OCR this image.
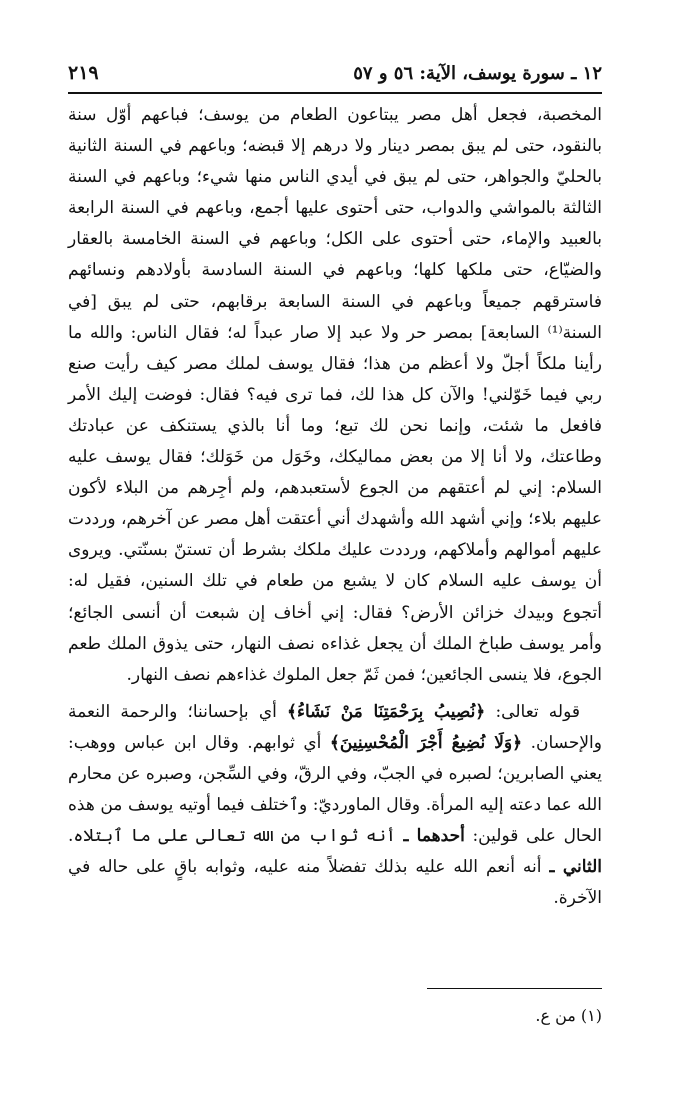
١٢ ـ سورة يوسف، الآية: ٥٦ و ٥٧
٢١٩

المخصبة، فجعل أهل مصر يبتاعون الطعام من يوسف؛ فباعهم أوّل سنة بالنقود، حتى لم يبق بمصر دينار ولا درهم إلا قبضه؛ وباعهم في السنة الثانية بالحليّ والجواهر، حتى لم يبق في أيدي الناس منها شيء؛ وباعهم في السنة الثالثة بالمواشي والدواب، حتى أحتوى عليها أجمع، وباعهم في السنة الرابعة بالعبيد والإماء، حتى أحتوى على الكل؛ وباعهم في السنة الخامسة بالعقار والضيّاع، حتى ملكها كلها؛ وباعهم في السنة السادسة بأولادهم ونسائهم فاسترقهم جميعاً وباعهم في السنة السابعة برقابهم، حتى لم يبق [في السنة⁽¹⁾ السابعة] بمصر حر ولا عبد إلا صار عبداً له؛ فقال الناس: والله ما رأينا ملكاً أجلّ ولا أعظم من هذا؛ فقال يوسف لملك مصر كيف رأيت صنع ربي فيما خَوّلني! والآن كل هذا لك، فما ترى فيه؟ فقال: فوضت إليك الأمر فافعل ما شئت، وإنما نحن لك تبع؛ وما أنا بالذي يستنكف عن عبادتك وطاعتك، ولا أنا إلا من بعض مماليكك، وخَوَل من خَوَلك؛ فقال يوسف عليه السلام: إني لم أعتقهم من الجوع لأستعبدهم، ولم أجِرهم من البلاء لأكون عليهم بلاء؛ وإني أشهد الله وأشهدك أني أعتقت أهل مصر عن آخرهم، ورددت عليهم أموالهم وأملاكهم، ورددت عليك ملكك بشرط أن تستنّ بسنّتي. ويروى أن يوسف عليه السلام كان لا يشبع من طعام في تلك السنين، فقيل له: أتجوع وبيدك خزائن الأرض؟ فقال: إني أخاف إن شبعت أن أنسى الجائع؛ وأمر يوسف طباخ الملك أن يجعل غذاءه نصف النهار، حتى يذوق الملك طعم الجوع، فلا ينسى الجائعين؛ فمن ثَمّ جعل الملوك غذاءهم نصف النهار.

قوله تعالى: ﴿نُصِيبُ بِرَحْمَتِنَا مَنْ نَشَاءُ﴾ أي بإحساننا؛ والرحمة النعمة والإحسان. ﴿وَلَا نُضِيعُ أَجْرَ الْمُحْسِنِينَ﴾ أي ثوابهم. وقال ابن عباس ووهب: يعني الصابرين؛ لصبره في الجبّ، وفي الرقّ، وفي السِّجن، وصبره عن محارم الله عما دعته إليه المرأة. وقال الماورديّ: وٱختلف فيما أوتيه يوسف من هذه الحال على قولين: أحدهما ـ أنه ثواب من الله تعالى على ما ٱبتلاه. الثاني ـ أنه أنعم الله عليه بذلك تفضلاً منه عليه، وثوابه باقٍ على حاله في الآخرة.

(١) من ع.
